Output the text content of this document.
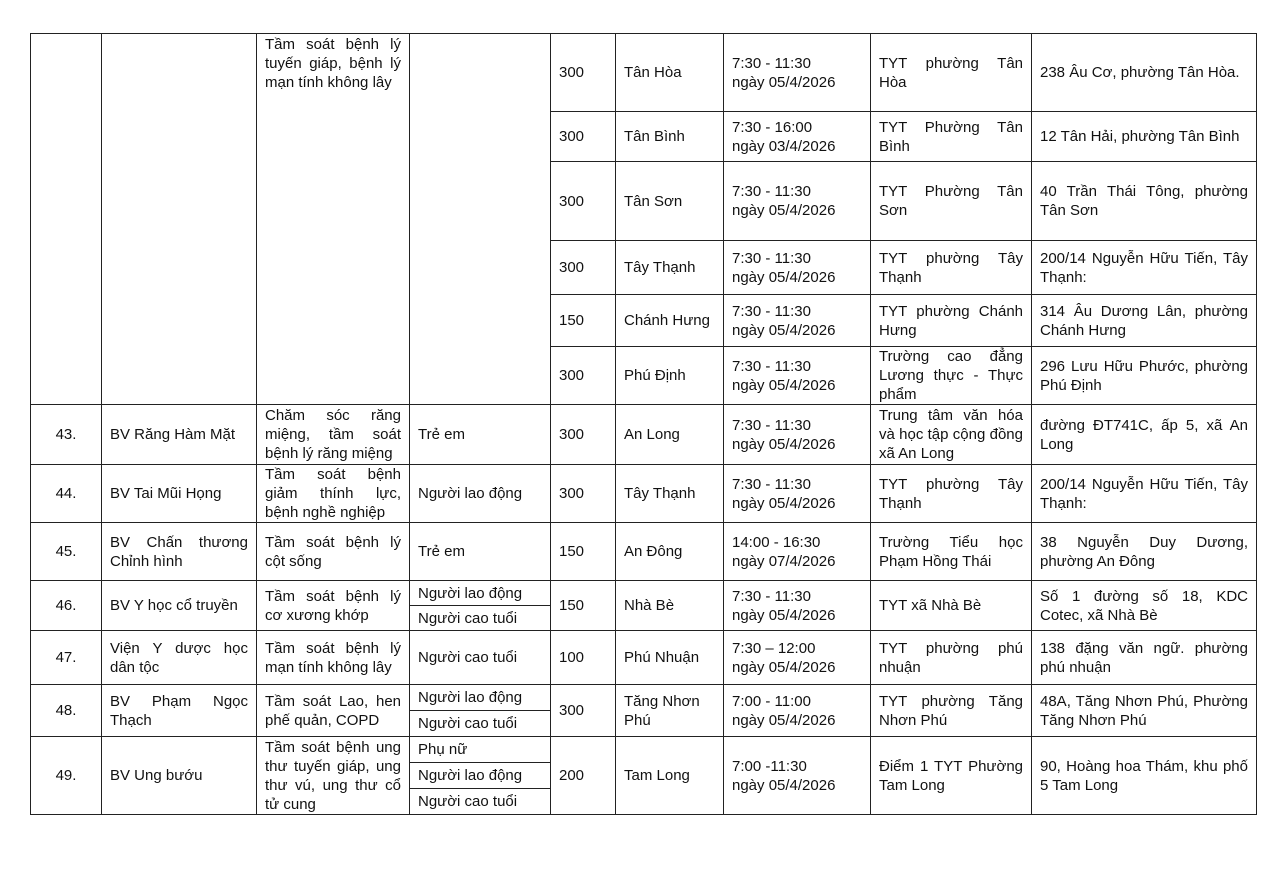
		Tầm soát bệnh lý tuyến giáp, bệnh lý mạn tính không lây		300	Tân Hòa	7:30 - 11:30
ngày 05/4/2026	TYT phường Tân Hòa	238 Âu Cơ, phường Tân Hòa.
				300	Tân Bình	7:30 - 16:00
ngày 03/4/2026	TYT Phường Tân Bình	12 Tân Hải, phường Tân Bình
				300	Tân Sơn	7:30 - 11:30
ngày 05/4/2026	TYT Phường Tân Sơn	40 Trần Thái Tông, phường Tân Sơn
				300	Tây Thạnh	7:30 - 11:30
ngày 05/4/2026	TYT phường Tây Thạnh	200/14 Nguyễn Hữu Tiến, Tây Thạnh:
				150	Chánh Hưng	7:30 - 11:30
ngày 05/4/2026	TYT phường Chánh Hưng	314 Âu Dương Lân, phường Chánh Hưng
				300	Phú Định	7:30 - 11:30
ngày 05/4/2026	Trường cao đẳng Lương thực - Thực phẩm	296 Lưu Hữu Phước, phường Phú Định
43.	BV Răng Hàm Mặt	Chăm sóc răng miệng, tầm soát bệnh lý răng miệng	Trẻ em	300	An Long	7:30 - 11:30
ngày 05/4/2026	Trung tâm văn hóa và học tập cộng đồng xã An Long	đường ĐT741C, ấp 5, xã An Long
44.	BV Tai Mũi Họng	Tầm soát bệnh giảm thính lực, bệnh nghề nghiệp	Người lao động	300	Tây Thạnh	7:30 - 11:30
ngày 05/4/2026	TYT phường Tây Thạnh	200/14 Nguyễn Hữu Tiến, Tây Thạnh:
45.	BV Chấn thương Chỉnh hình	Tầm soát bệnh lý cột sống	Trẻ em	150	An Đông	14:00 - 16:30
ngày 07/4/2026	Trường Tiểu học Phạm Hồng Thái	38 Nguyễn Duy Dương, phường An Đông
46.	BV Y học cổ truyền	Tầm soát bệnh lý cơ xương khớp	Người lao động	150	Nhà Bè	7:30 - 11:30
ngày 05/4/2026	TYT xã Nhà Bè	Số 1 đường số 18, KDC Cotec, xã Nhà Bè
			Người cao tuổi					
47.	Viện Y dược học dân tộc	Tầm soát bệnh lý mạn tính không lây	Người cao tuổi	100	Phú Nhuận	7:30 – 12:00
ngày 05/4/2026	TYT phường phú nhuận	138 đặng văn ngữ. phường phú nhuận
48.	BV Phạm Ngọc Thạch	Tầm soát Lao, hen phế quản, COPD	Người lao động	300	Tăng Nhơn Phú	7:00 - 11:00
ngày 05/4/2026	TYT phường Tăng Nhơn Phú	48A, Tăng Nhơn Phú, Phường Tăng Nhơn Phú
			Người cao tuổi					
49.	BV Ung bướu	Tầm soát bệnh ung thư tuyến giáp, ung thư vú, ung thư cổ tử cung	Phụ nữ	200	Tam Long	7:00 -11:30
ngày 05/4/2026	Điểm 1 TYT Phường Tam Long	90, Hoàng hoa Thám, khu phố 5 Tam Long
			Người lao động					
			Người cao tuổi					
